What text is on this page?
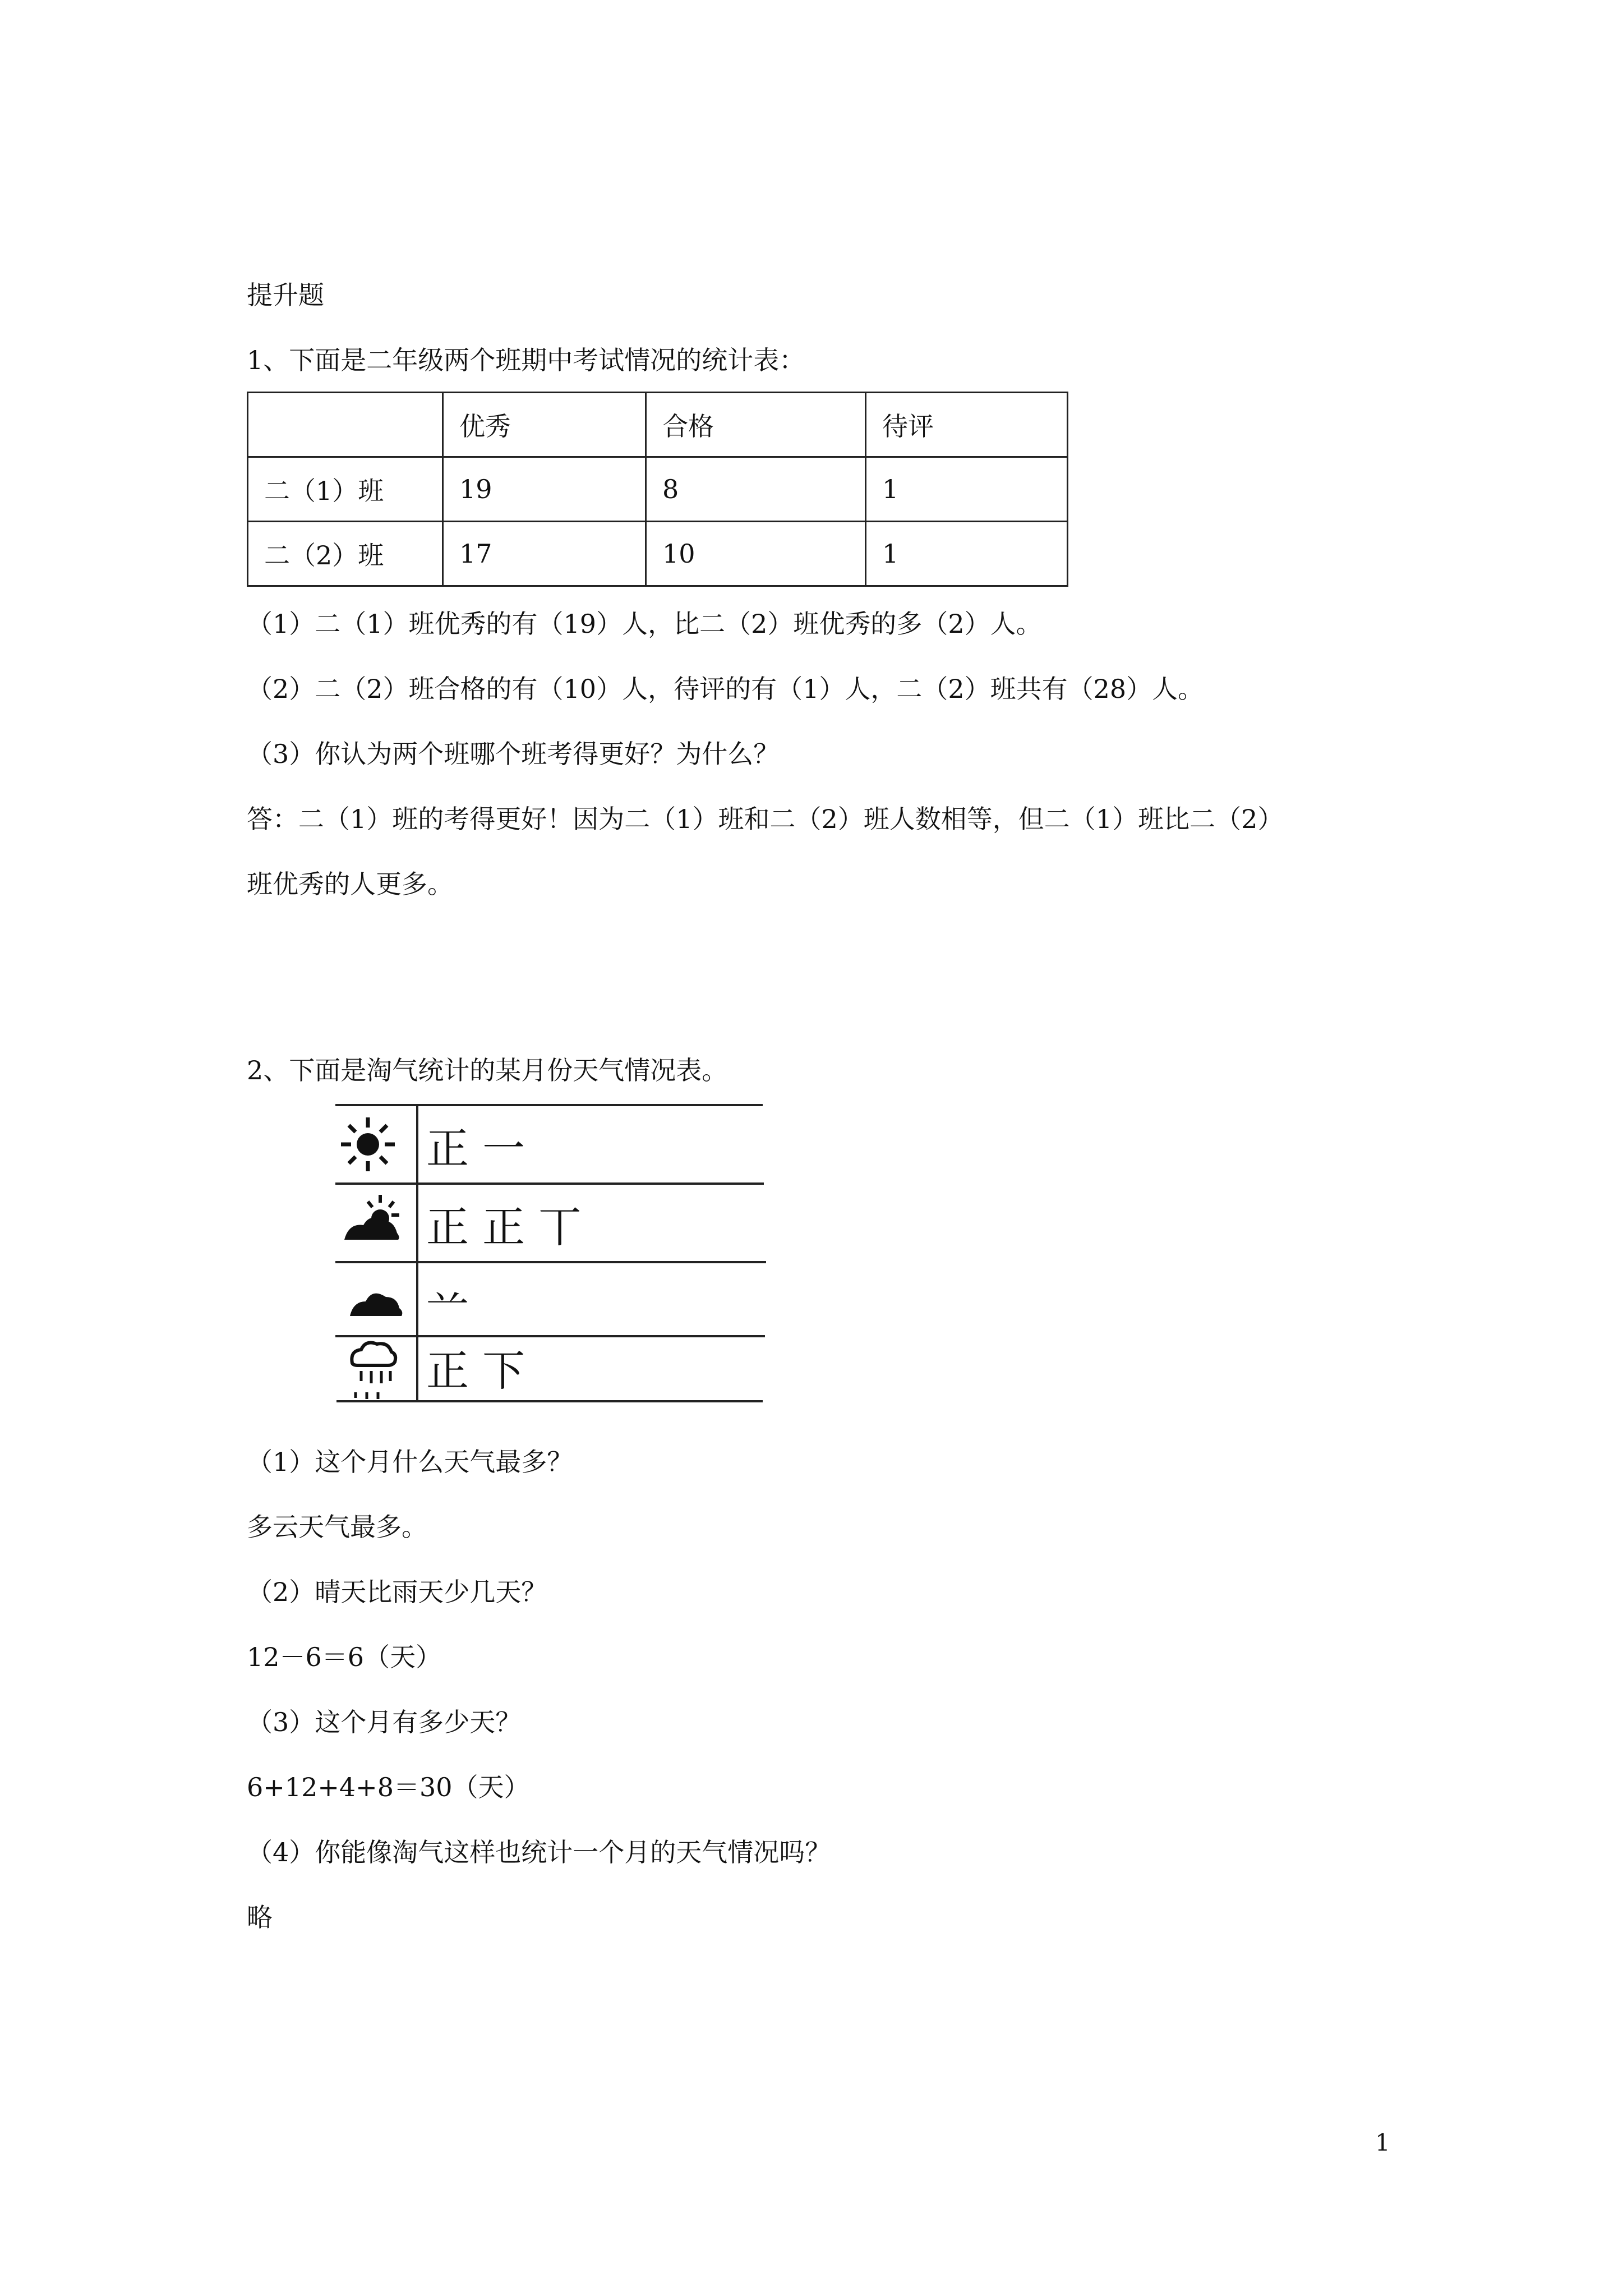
提升题
1、下面是二年级两个班期中考试情况的统计表：
	优秀	合格	待评
二（1）班	19	8	1
二（2）班	17	10	1
（1）二（1）班优秀的有（19）人，比二（2）班优秀的多（2）人。
（2）二（2）班合格的有（10）人，待评的有（1）人，二（2）班共有（28）人。
（3）你认为两个班哪个班考得更好？为什么？
答：二（1）班的考得更好！因为二（1）班和二（2）班人数相等，但二（1）班比二（2）
班优秀的人更多。
2、下面是淘气统计的某月份天气情况表。
正 一
正 正 丅
䒑
正 下
（1）这个月什么天气最多？
多云天气最多。
（2）晴天比雨天少几天？
12－6＝6（天）
（3）这个月有多少天？
6+12+4+8＝30（天）
（4）你能像淘气这样也统计一个月的天气情况吗？
略
1
